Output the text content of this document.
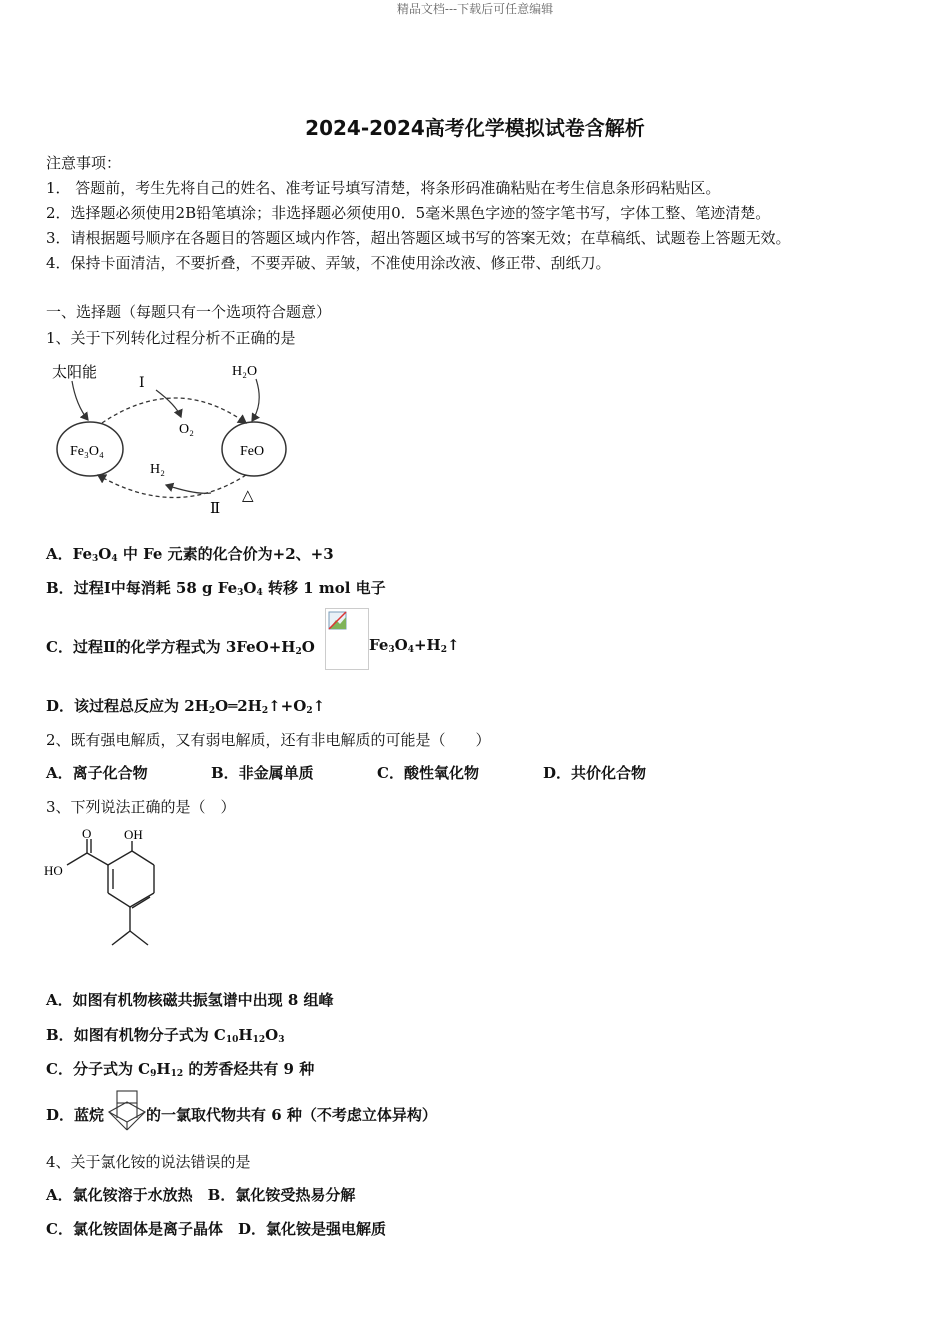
精品文档---下载后可任意编辑
2024-2024高考化学模拟试卷含解析
注意事项：
1． 答题前，考生先将自己的姓名、准考证号填写清楚，将条形码准确粘贴在考生信息条形码粘贴区。
2．选择题必须使用2B铅笔填涂；非选择题必须使用0．5毫米黑色字迹的签字笔书写，字体工整、笔迹清楚。
3．请根据题号顺序在各题目的答题区域内作答，超出答题区域书写的答案无效；在草稿纸、试题卷上答题无效。
4．保持卡面清洁，不要折叠，不要弄破、弄皱，不准使用涂改液、修正带、刮纸刀。
一、选择题（每题只有一个选项符合题意）
1、关于下列转化过程分析不正确的是
太阳能	H₂O
Ⅰ
O₂
Fe₃O₄	FeO
H₂
Ⅱ
△
A．$Fe_3O_4$ 中 Fe 元素的化合价为+2、+3
B．过程Ⅰ中每消耗 58 g $Fe_3O_4$ 转移 1 mol 电子
C．过程Ⅱ的化学方程式为 $3FeO+H_2O$	$Fe_3O_4+H_2↑$
D．该过程总反应为 $2H_2O═2H_2↑+O_2↑$
2、既有强电解质，又有弱电解质，还有非电解质的可能是（　　）
A．离子化合物	B．非金属单质	C．酸性氧化物	D．共价化合物
3、下列说法正确的是（　）
O	OH
HO
A．如图有机物核磁共振氢谱中出现 8 组峰
B．如图有机物分子式为 $C_{10}H_{12}O_3$
C．分子式为 $C_9H_{12}$ 的芳香烃共有 9 种
D．蓝烷	的一氯取代物共有 6 种（不考虑立体异构）
4、关于氯化铵的说法错误的是
A．氯化铵溶于水放热　B．氯化铵受热易分解
C．氯化铵固体是离子晶体　D．氯化铵是强电解质
